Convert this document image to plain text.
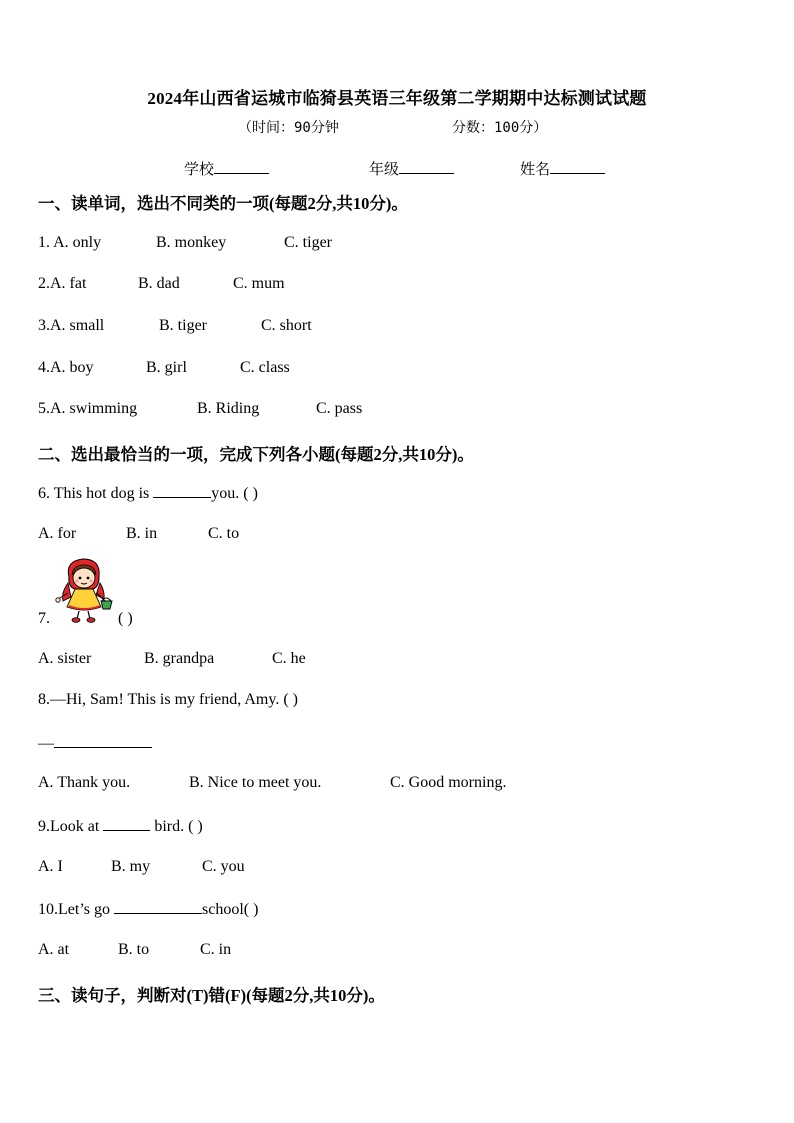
2024年山西省运城市临猗县英语三年级第二学期期中达标测试试题
（时间：90分钟	分数：100分）
学校	年级	姓名
一、读单词，选出不同类的一项(每题2分,共10分)。
1. A. only	B. monkey	C. tiger
2.A. fat	B. dad	C. mum
3.A. small	B. tiger	C. short
4.A. boy	B. girl	C. class
5.A. swimming	B. Riding	C. pass
二、选出最恰当的一项，完成下列各小题(每题2分,共10分)。
6. This hot dog is	you. ( )
A. for	B. in	C. to
7.	( )
A. sister	B. grandpa	C. he
8.—Hi, Sam! This is my friend, Amy. ( )
—
A. Thank you.	B. Nice to meet you.	C. Good morning.
9.Look at	bird. ( )
A. I	B. my	C. you
10.Let’s go	school( )
A. at	B. to	C. in
三、读句子，判断对(T)错(F)(每题2分,共10分)。
